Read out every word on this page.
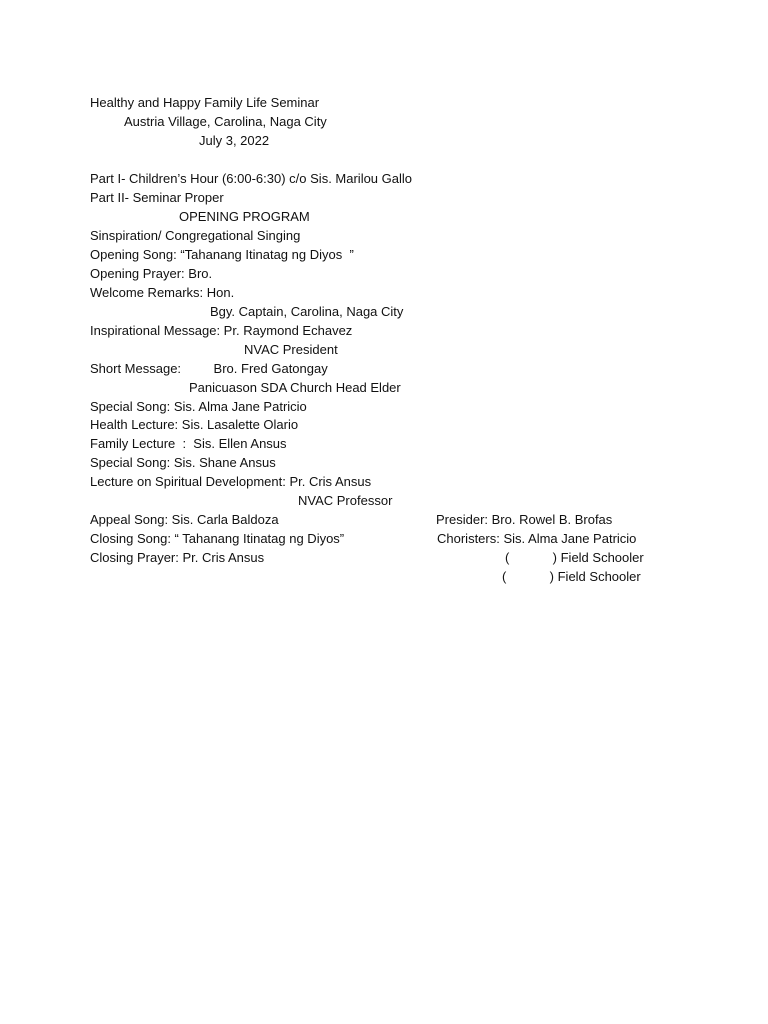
Healthy and Happy Family Life Seminar
Austria Village, Carolina, Naga City
July 3, 2022
Part I- Children’s Hour (6:00-6:30) c/o Sis. Marilou Gallo
Part II- Seminar Proper
OPENING PROGRAM
Sinspiration/ Congregational Singing
Opening Song: “Tahanang Itinatag ng Diyos  ”
Opening Prayer: Bro.
Welcome Remarks: Hon.
Bgy. Captain, Carolina, Naga City
Inspirational Message: Pr. Raymond Echavez
NVAC President
Short Message:         Bro. Fred Gatongay
Panicuason SDA Church Head Elder
Special Song: Sis. Alma Jane Patricio
Health Lecture: Sis. Lasalette Olario
Family Lecture  :  Sis. Ellen Ansus
Special Song: Sis. Shane Ansus
Lecture on Spiritual Development: Pr. Cris Ansus
NVAC Professor
Appeal Song: Sis. Carla Baldoza
Closing Song: “ Tahanang Itinatag ng Diyos”
Closing Prayer: Pr. Cris Ansus
Presider: Bro. Rowel B. Brofas
Choristers: Sis. Alma Jane Patricio
(            ) Field Schooler
(            ) Field Schooler
